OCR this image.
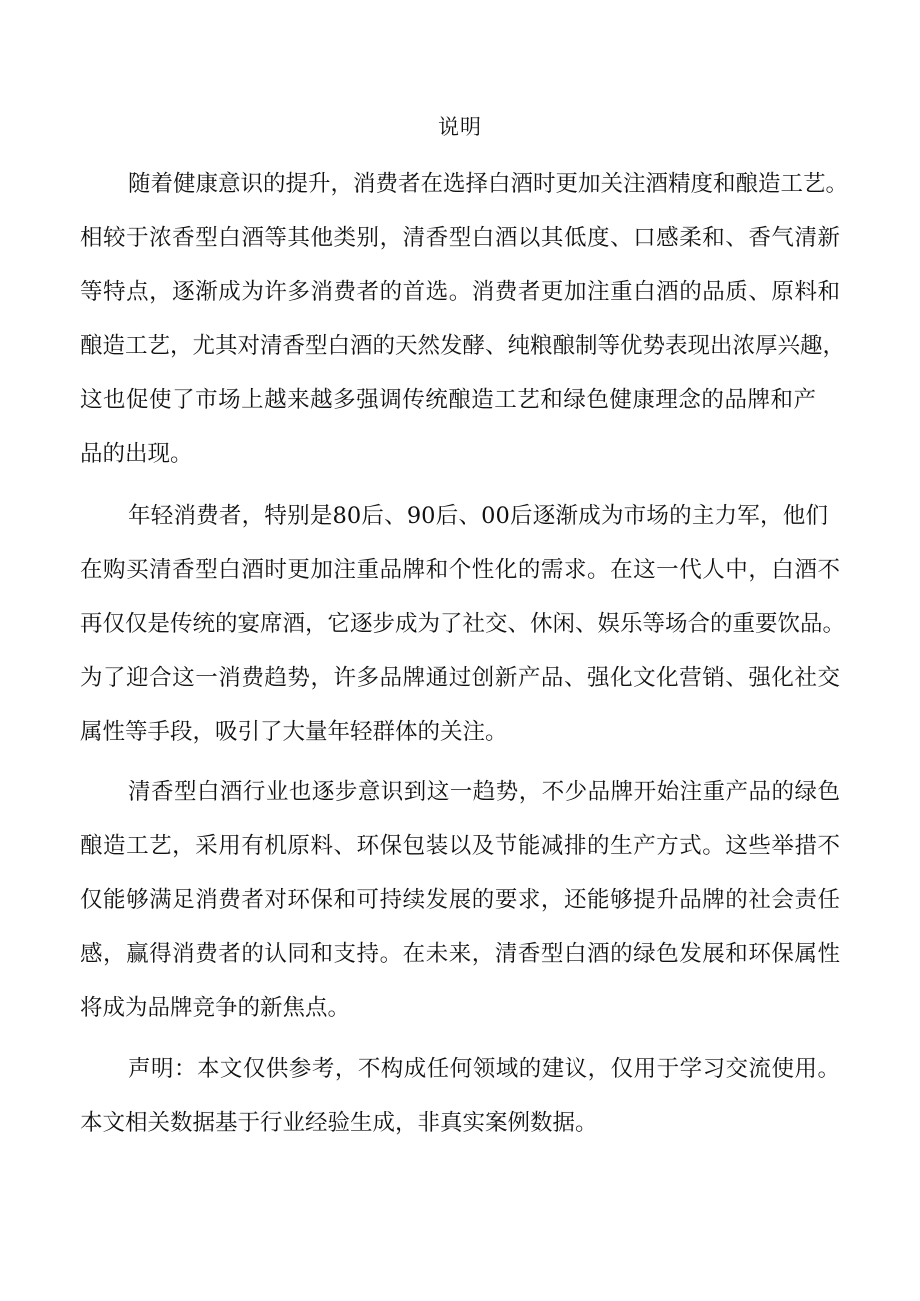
说明
随着健康意识的提升，消费者在选择白酒时更加关注酒精度和酿造工艺。
相较于浓香型白酒等其他类别，清香型白酒以其低度、口感柔和、香气清新
等特点，逐渐成为许多消费者的首选。消费者更加注重白酒的品质、原料和
酿造工艺，尤其对清香型白酒的天然发酵、纯粮酿制等优势表现出浓厚兴趣，
这也促使了市场上越来越多强调传统酿造工艺和绿色健康理念的品牌和产
品的出现。
年轻消费者，特别是80后、90后、00后逐渐成为市场的主力军，他们
在购买清香型白酒时更加注重品牌和个性化的需求。在这一代人中，白酒不
再仅仅是传统的宴席酒，它逐步成为了社交、休闲、娱乐等场合的重要饮品。
为了迎合这一消费趋势，许多品牌通过创新产品、强化文化营销、强化社交
属性等手段，吸引了大量年轻群体的关注。
清香型白酒行业也逐步意识到这一趋势，不少品牌开始注重产品的绿色
酿造工艺，采用有机原料、环保包装以及节能减排的生产方式。这些举措不
仅能够满足消费者对环保和可持续发展的要求，还能够提升品牌的社会责任
感，赢得消费者的认同和支持。在未来，清香型白酒的绿色发展和环保属性
将成为品牌竞争的新焦点。
声明：本文仅供参考，不构成任何领域的建议，仅用于学习交流使用。
本文相关数据基于行业经验生成，非真实案例数据。
